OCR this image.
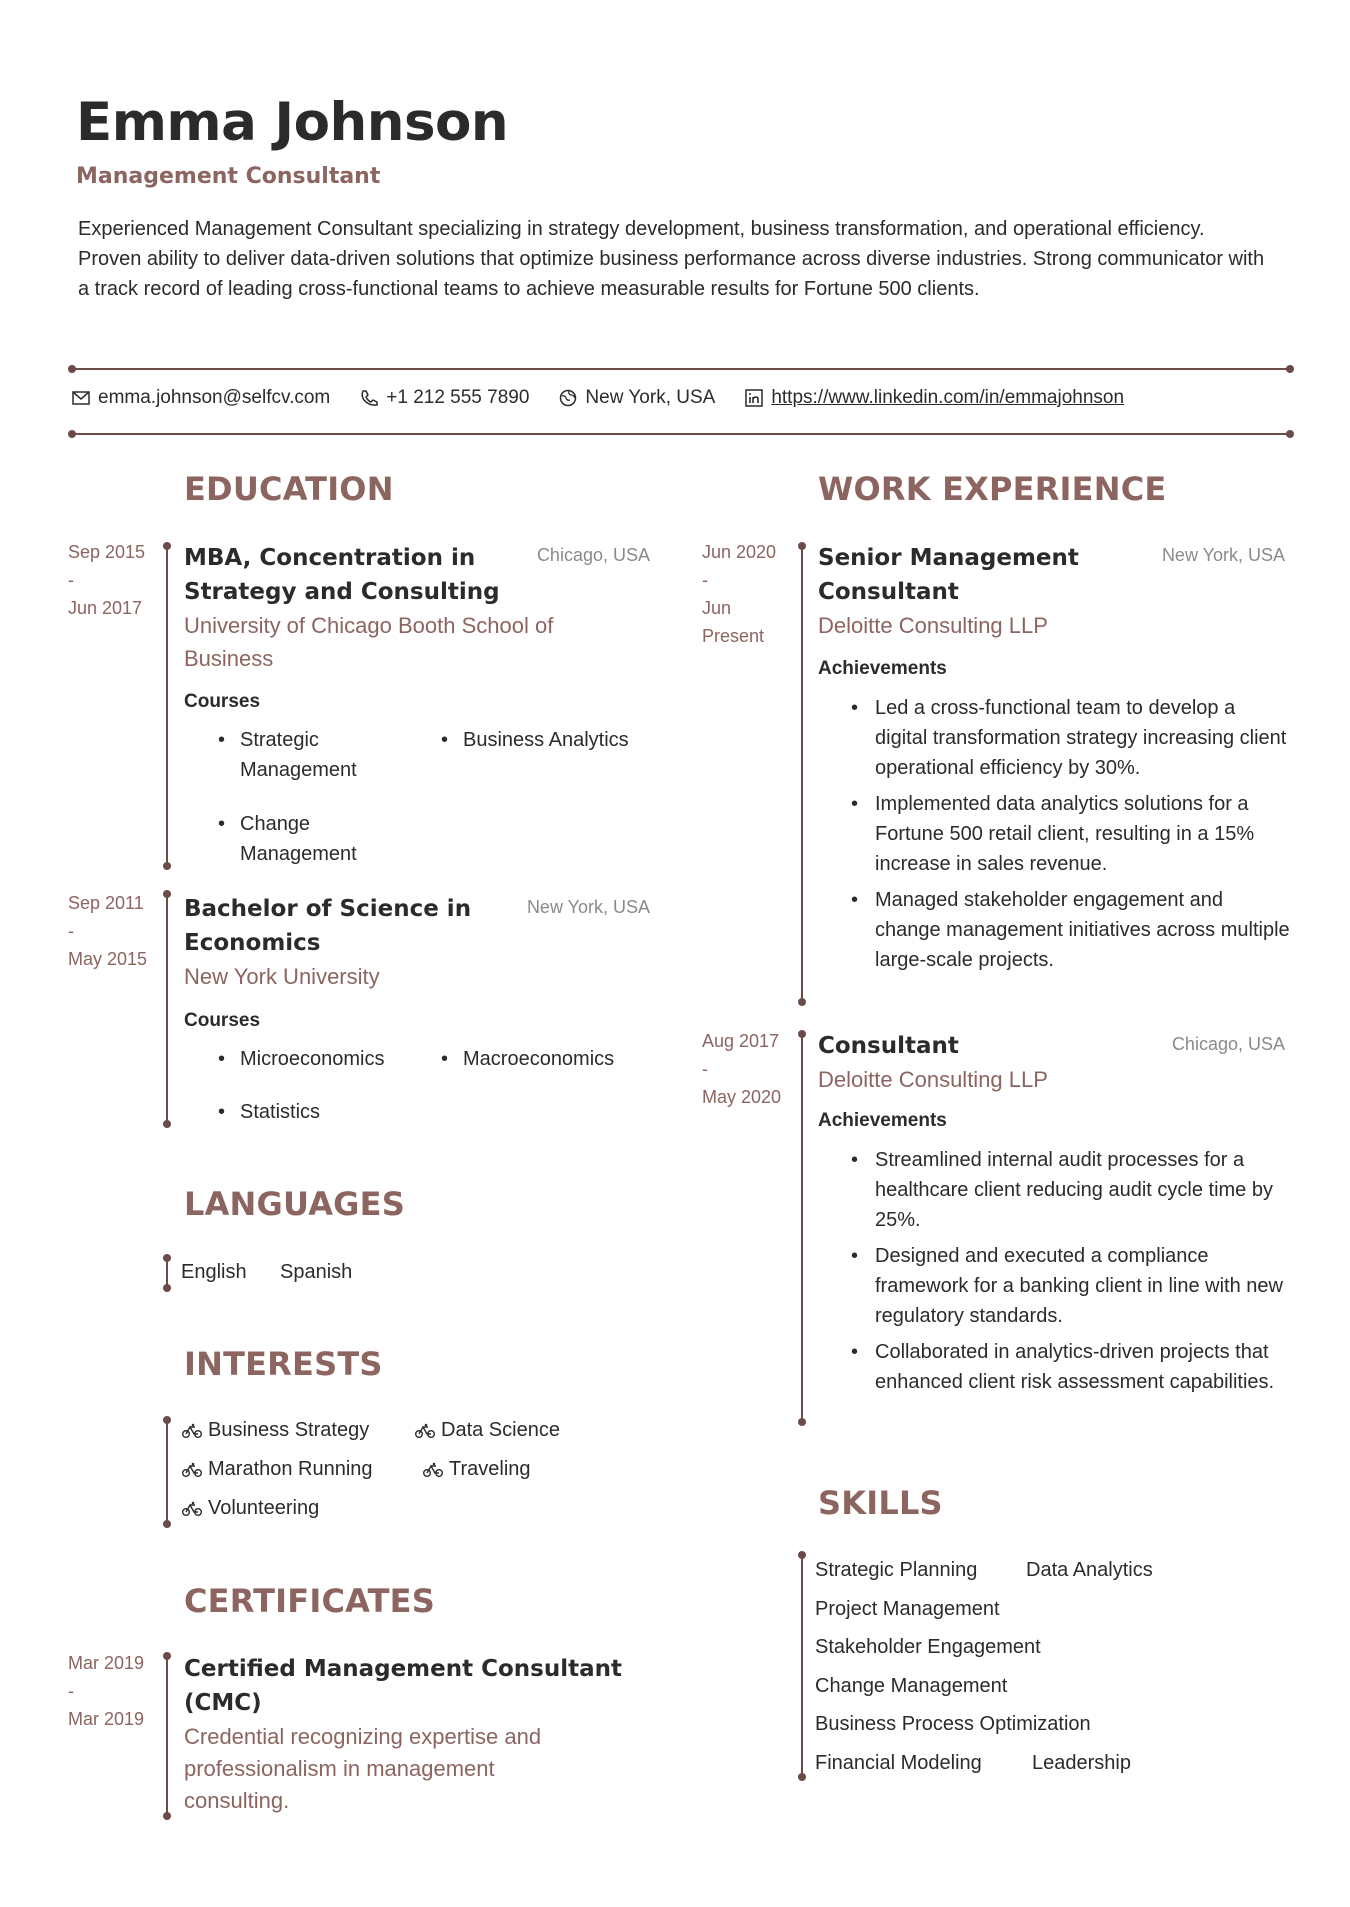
Emma Johnson
Management Consultant
Experienced Management Consultant specializing in strategy development, business transformation, and operational efficiency. Proven ability to deliver data-driven solutions that optimize business performance across diverse industries. Strong communicator with a track record of leading cross-functional teams to achieve measurable results for Fortune 500 clients.
emma.johnson@selfcv.com	+1 212 555 7890	New York, USA	https://www.linkedin.com/in/emmajohnson
EDUCATION
Sep 2015
-
Jun 2017
MBA, Concentration in
Strategy and Consulting
Chicago, USA
University of Chicago Booth School of
Business
Courses
• Strategic Management
• Business Analytics
• Change Management
Sep 2011
-
May 2015
Bachelor of Science in
Economics
New York, USA
New York University
Courses
• Microeconomics
•	Macroeconomics
• Statistics
LANGUAGES
English Spanish
INTERESTS
Business Strategy	Data Science
Marathon Running	Traveling
Volunteering
CERTIFICATES
Mar 2019
-
Mar 2019
Certified Management Consultant
(CMC)
Credential recognizing expertise and
professionalism in management
consulting.
WORK EXPERIENCE
Jun 2020
-
Jun
Present
Senior Management
Consultant
New York, USA
Deloitte Consulting LLP
Achievements
• Led a cross-functional team to develop a digital transformation strategy increasing client operational efficiency by 30%.
• Implemented data analytics solutions for a Fortune 500 retail client, resulting in a 15% increase in sales revenue.
• Managed stakeholder engagement and change management initiatives across multiple large-scale projects.
Aug 2017
-
May 2020
Consultant	Chicago, USA
Deloitte Consulting LLP
Achievements
• Streamlined internal audit processes for a healthcare client reducing audit cycle time by 25%.
• Designed and executed a compliance framework for a banking client in line with new regulatory standards.
• Collaborated in analytics-driven projects that enhanced client risk assessment capabilities.
SKILLS
Strategic Planning Data Analytics
Project Management
Stakeholder Engagement
Change Management
Business Process Optimization
Financial Modeling	Leadership
